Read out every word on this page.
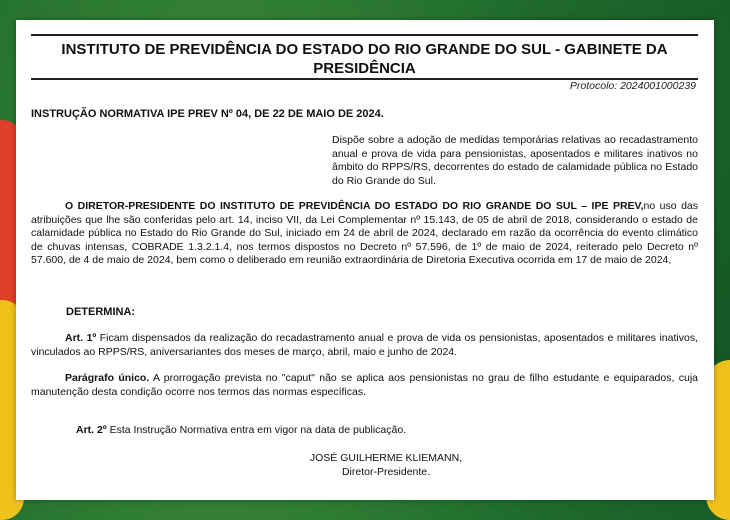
INSTITUTO DE PREVIDÊNCIA DO ESTADO DO RIO GRANDE DO SUL - GABINETE DA
PRESIDÊNCIA
Protocolo: 2024001000239
INSTRUÇÃO NORMATIVA IPE PREV Nº 04, DE 22 DE MAIO DE 2024.
Dispõe sobre a adoção de medidas temporárias relativas ao recadastramento anual e prova de vida para pensionistas, aposentados e militares inativos no âmbito do RPPS/RS, decorrentes do estado de calamidade pública no Estado do Rio Grande do Sul.
O DIRETOR-PRESIDENTE DO INSTITUTO DE PREVIDÊNCIA DO ESTADO DO RIO GRANDE DO SUL – IPE PREV,no uso das atribuições que lhe são conferidas pelo art. 14, inciso VII, da Lei Complementar nº 15.143, de 05 de abril de 2018, considerando o estado de calamidade pública no Estado do Rio Grande do Sul, iniciado em 24 de abril de 2024, declarado em razão da ocorrência do evento climático de chuvas intensas, COBRADE 1.3.2.1.4, nos termos dispostos no Decreto nº 57.596, de 1º de maio de 2024, reiterado pelo Decreto nº 57.600, de 4 de maio de 2024, bem como o deliberado em reunião extraordinária de Diretoria Executiva ocorrida em 17 de maio de 2024,
DETERMINA:
Art. 1º Ficam dispensados da realização do recadastramento anual e prova de vida os pensionistas, aposentados e militares inativos, vinculados ao RPPS/RS, aniversariantes dos meses de março, abril, maio e junho de 2024.
Parágrafo único. A prorrogação prevista no "caput" não se aplica aos pensionistas no grau de filho estudante e equiparados, cuja manutenção desta condição ocorre nos termos das normas específicas.
Art. 2º Esta Instrução Normativa entra em vigor na data de publicação.
JOSÉ GUILHERME KLIEMANN,
Diretor-Presidente.
